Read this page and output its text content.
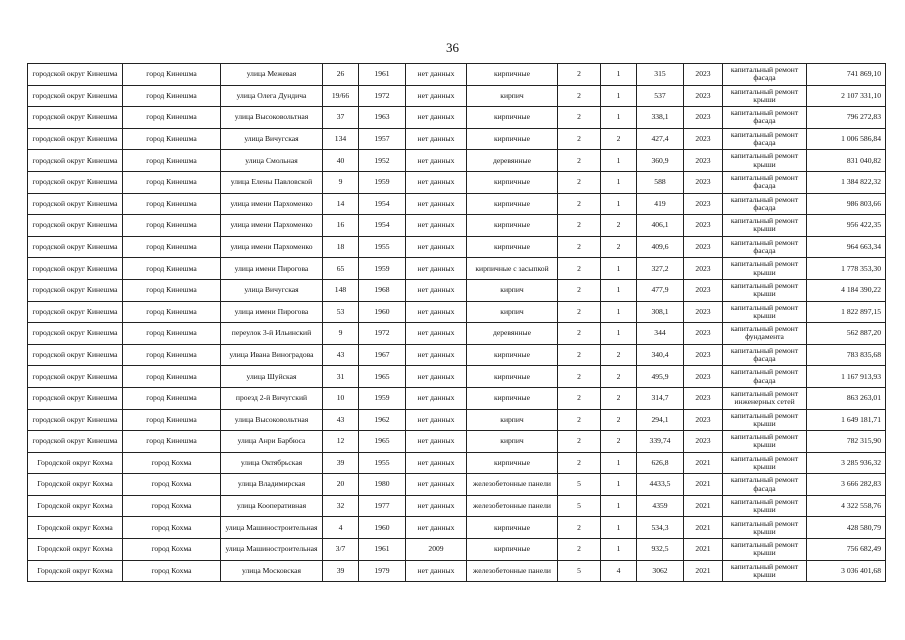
36
городской округ Кинешма	город Кинешма	улица Межевая	26	1961	нет данных	кирпичные	2	1	315	2023	капитальный ремонт фасада	741 869,10
городской округ Кинешма	город Кинешма	улица Олега Дундича	19/66	1972	нет данных	кирпич	2	1	537	2023	капитальный ремонт крыши	2 107 331,10
городской округ Кинешма	город Кинешма	улица Высоковольтная	37	1963	нет данных	кирпичные	2	1	338,1	2023	капитальный ремонт фасада	796 272,83
городской округ Кинешма	город Кинешма	улица Вичугская	134	1957	нет данных	кирпичные	2	2	427,4	2023	капитальный ремонт фасада	1 006 586,84
городской округ Кинешма	город Кинешма	улица Смольная	40	1952	нет данных	деревянные	2	1	360,9	2023	капитальный ремонт крыши	831 040,82
городской округ Кинешма	город Кинешма	улица Елены Павловской	9	1959	нет данных	кирпичные	2	1	588	2023	капитальный ремонт фасада	1 384 822,32
городской округ Кинешма	город Кинешма	улица имени Пархоменко	14	1954	нет данных	кирпичные	2	1	419	2023	капитальный ремонт фасада	986 803,66
городской округ Кинешма	город Кинешма	улица имени Пархоменко	16	1954	нет данных	кирпичные	2	2	406,1	2023	капитальный ремонт крыши	956 422,35
городской округ Кинешма	город Кинешма	улица имени Пархоменко	18	1955	нет данных	кирпичные	2	2	409,6	2023	капитальный ремонт фасада	964 663,34
городской округ Кинешма	город Кинешма	улица имени Пирогова	65	1959	нет данных	кирпичные с засыпкой	2	1	327,2	2023	капитальный ремонт крыши	1 778 353,30
городской округ Кинешма	город Кинешма	улица Вичугская	148	1968	нет данных	кирпич	2	1	477,9	2023	капитальный ремонт крыши	4 184 390,22
городской округ Кинешма	город Кинешма	улица имени Пирогова	53	1960	нет данных	кирпич	2	1	308,1	2023	капитальный ремонт крыши	1 822 897,15
городской округ Кинешма	город Кинешма	переулок 3-й Ильинский	9	1972	нет данных	деревянные	2	1	344	2023	капитальный ремонт фундамента	562 887,20
городской округ Кинешма	город Кинешма	улица Ивана Виноградова	43	1967	нет данных	кирпичные	2	2	340,4	2023	капитальный ремонт фасада	783 835,68
городской округ Кинешма	город Кинешма	улица Шуйская	31	1965	нет данных	кирпичные	2	2	495,9	2023	капитальный ремонт фасада	1 167 913,93
городской округ Кинешма	город Кинешма	проезд 2-й Вичугский	10	1959	нет данных	кирпичные	2	2	314,7	2023	капитальный ремонт инженерных сетей	863 263,01
городской округ Кинешма	город Кинешма	улица Высоковольтная	43	1962	нет данных	кирпич	2	2	294,1	2023	капитальный ремонт крыши	1 649 181,71
городской округ Кинешма	город Кинешма	улица Анри Барбюса	12	1965	нет данных	кирпич	2	2	339,74	2023	капитальный ремонт крыши	782 315,90
Городской округ Кохма	город Кохма	улица Октябрьская	39	1955	нет данных	кирпичные	2	1	626,8	2021	капитальный ремонт крыши	3 285 936,32
Городской округ Кохма	город Кохма	улица Владимирская	20	1980	нет данных	железобетонные панели	5	1	4433,5	2021	капитальный ремонт фасада	3 666 282,83
Городской округ Кохма	город Кохма	улица Кооперативная	32	1977	нет данных	железобетонные панели	5	1	4359	2021	капитальный ремонт крыши	4 322 558,76
Городской округ Кохма	город Кохма	улица Машиностроительная	4	1960	нет данных	кирпичные	2	1	534,3	2021	капитальный ремонт крыши	428 580,79
Городской округ Кохма	город Кохма	улица Машиностроительная	3/7	1961	2009	кирпичные	2	1	932,5	2021	капитальный ремонт крыши	756 682,49
Городской округ Кохма	город Кохма	улица Московская	39	1979	нет данных	железобетонные панели	5	4	3062	2021	капитальный ремонт крыши	3 036 401,68
